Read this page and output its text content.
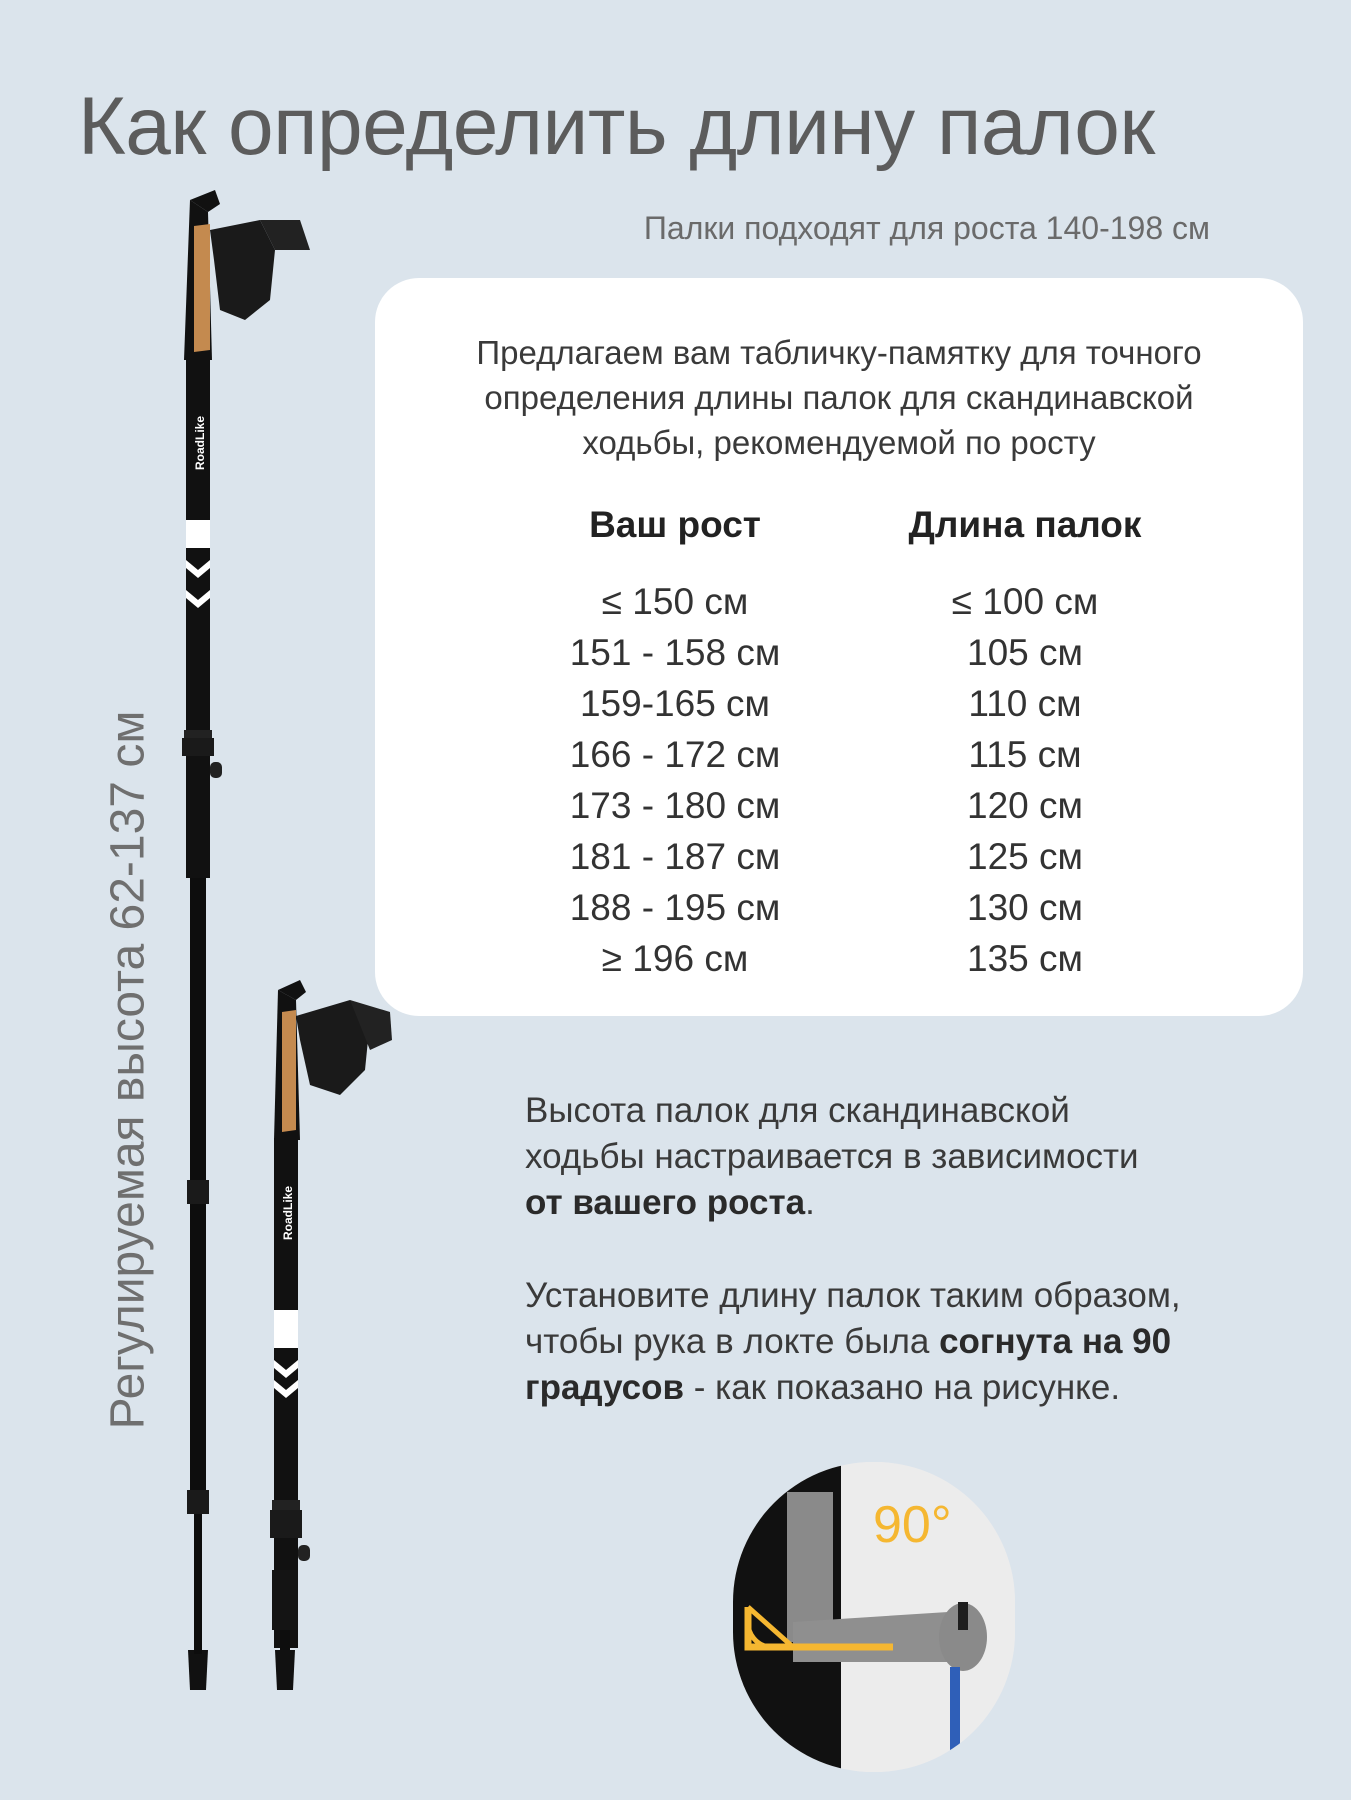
Как определить длину палок
Палки подходят для роста 140-198 см
Регулируемая высота 62-137 см
RoadLike
RoadLike
Предлагаем вам табличку-памятку для точного
определения длины палок для скандинавской
ходьбы, рекомендуемой по росту
Ваш рост	Длина палок
≤ 150 см
151 - 158 см
159-165 см
166 - 172 см
173 - 180 см
181 - 187 см
188 - 195 см
≥ 196 см
≤ 100 см
105 см
110 см
115 см
120 см
125 см
130 см
135 см
Высота палок для скандинавской
ходьбы настраивается в зависимости
от вашего роста.
Установите длину палок таким образом,
чтобы рука в локте была согнута на 90
градусов - как показано на рисунке.
90°
